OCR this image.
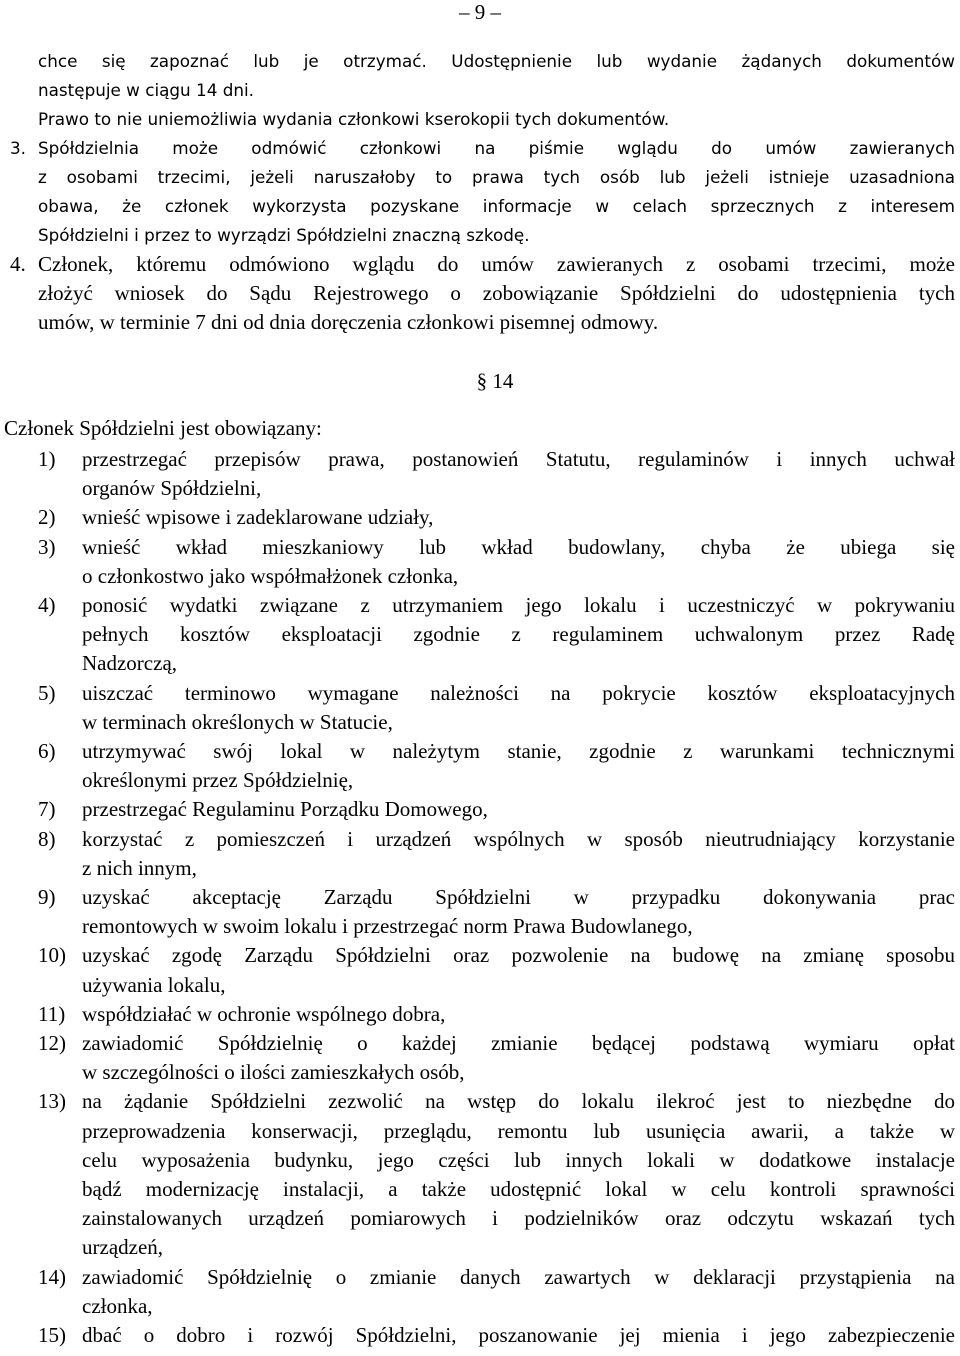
– 9 –
chce się zapoznać lub je otrzymać. Udostępnienie lub wydanie żądanych dokumentów
następuje w ciągu 14 dni.
Prawo to nie uniemożliwia wydania członkowi kserokopii tych dokumentów.
3. Spółdzielnia może odmówić członkowi na piśmie wglądu do umów zawieranych
z osobami trzecimi, jeżeli naruszałoby to prawa tych osób lub jeżeli istnieje uzasadniona
obawa, że członek wykorzysta pozyskane informacje w celach sprzecznych z interesem
Spółdzielni i przez to wyrządzi Spółdzielni znaczną szkodę.
4. Członek, któremu odmówiono wglądu do umów zawieranych z osobami trzecimi, może
złożyć wniosek do Sądu Rejestrowego o zobowiązanie Spółdzielni do udostępnienia tych
umów, w terminie 7 dni od dnia doręczenia członkowi pisemnej odmowy.
§ 14
Członek Spółdzielni jest obowiązany:
1)	przestrzegać przepisów prawa, postanowień Statutu, regulaminów i innych uchwał
organów Spółdzielni,
2)	wnieść wpisowe i zadeklarowane udziały,
3)	wnieść wkład mieszkaniowy lub wkład budowlany, chyba że ubiega się
o członkostwo jako współmałżonek członka,
4)	ponosić wydatki związane z utrzymaniem jego lokalu i uczestniczyć w pokrywaniu
pełnych kosztów eksploatacji zgodnie z regulaminem uchwalonym przez Radę
Nadzorczą,
5)	uiszczać terminowo wymagane należności na pokrycie kosztów eksploatacyjnych
w terminach określonych w Statucie,
6)	utrzymywać swój lokal w należytym stanie, zgodnie z warunkami technicznymi
określonymi przez Spółdzielnię,
7)	przestrzegać Regulaminu Porządku Domowego,
8)	korzystać z pomieszczeń i urządzeń wspólnych w sposób nieutrudniający korzystanie
z nich innym,
9)	uzyskać akceptację Zarządu Spółdzielni w przypadku dokonywania prac
remontowych w swoim lokalu i przestrzegać norm Prawa Budowlanego,
10) uzyskać zgodę Zarządu Spółdzielni oraz pozwolenie na budowę na zmianę sposobu
używania lokalu,
11) współdziałać w ochronie wspólnego dobra,
12) zawiadomić Spółdzielnię o każdej zmianie będącej podstawą wymiaru opłat
w szczególności o ilości zamieszkałych osób,
13) na żądanie Spółdzielni zezwolić na wstęp do lokalu ilekroć jest to niezbędne do
przeprowadzenia konserwacji, przeglądu, remontu lub usunięcia awarii, a także w
celu wyposażenia budynku, jego części lub innych lokali w dodatkowe instalacje
bądź modernizację instalacji, a także udostępnić lokal w celu kontroli sprawności
zainstalowanych urządzeń pomiarowych i podzielników oraz odczytu wskazań tych
urządzeń,
14) zawiadomić Spółdzielnię o zmianie danych zawartych w deklaracji przystąpienia na
członka,
15) dbać o dobro i rozwój Spółdzielni, poszanowanie jej mienia i jego zabezpieczenie
